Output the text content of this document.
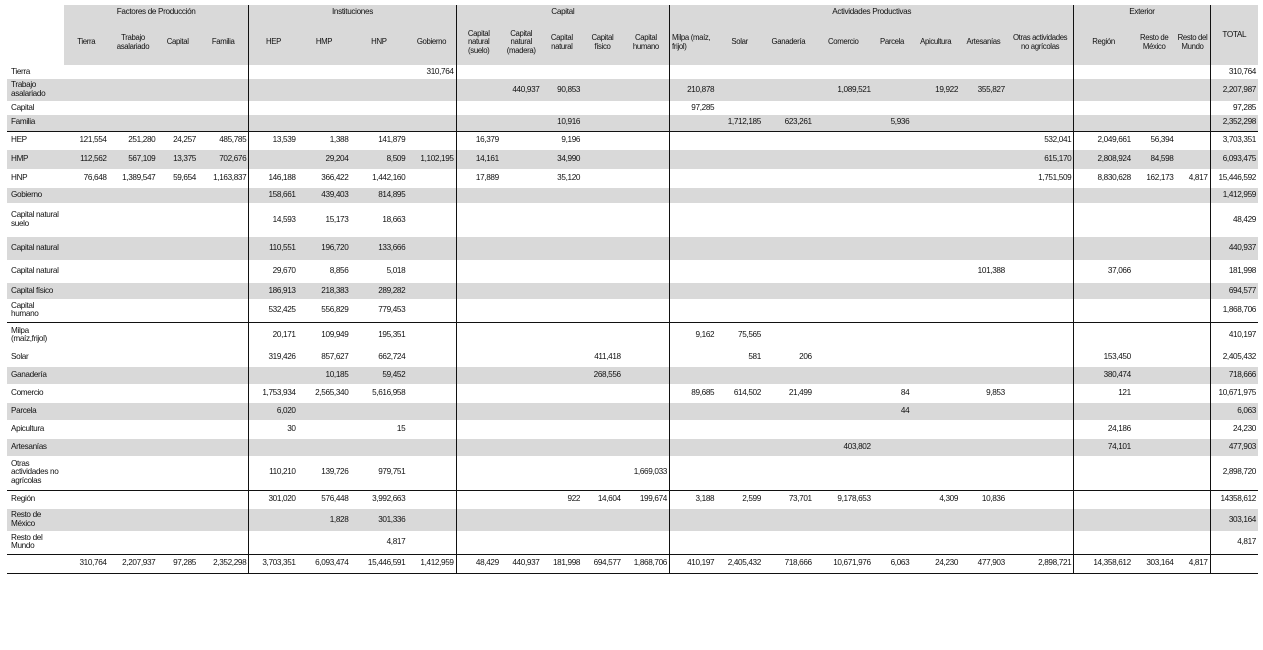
	Factores de Producción				Instituciones				Capital					Actividades Productivas								Exterior			TOTAL
	Tierra	Trabajo asalariado	Capital	Familia	HEP	HMP	HNP	Gobierno	Capital natural (suelo)	Capital natural (madera)	Capital natural	Capital físico	Capital humano	Milpa (maíz, frijol)	Solar	Ganadería	Comercio	Parcela	Apicultura	Artesanías	Otras actividades no agrícolas	Región	Resto de México	Resto del Mundo	
Tierra								310,764																	310,764
Trabajo asalariado										440,937	90,853			210,878			1,089,521		19,922	355,827					2,207,987
Capital														97,285											97,285
Familia											10,916				1,712,185	623,261		5,936							2,352,298
HEP	121,554	251,280	24,257	485,785	13,539	1,388	141,879		16,379		9,196										532,041	2,049,661	56,394		3,703,351
HMP	112,562	567,109	13,375	702,676		29,204	8,509	1,102,195	14,161		34,990										615,170	2,808,924	84,598		6,093,475
HNP	76,648	1,389,547	59,654	1,163,837	146,188	366,422	1,442,160		17,889		35,120										1,751,509	8,830,628	162,173	4,817	15,446,592
Gobierno					158,661	439,403	814,895																		1,412,959
Capital natural suelo					14,593	15,173	18,663																		48,429
Capital natural					110,551	196,720	133,666																		440,937
Capital natural					29,670	8,856	5,018													101,388		37,066			181,998
Capital físico					186,913	218,383	289,282																		694,577
Capital humano					532,425	556,829	779,453																		1,868,706
Milpa (maíz,frijol)					20,171	109,949	195,351							9,162	75,565										410,197
Solar					319,426	857,627	662,724					411,418			581	206						153,450			2,405,432
Ganadería						10,185	59,452					268,556										380,474			718,666
Comercio					1,753,934	2,565,340	5,616,958							89,685	614,502	21,499		84		9,853		121			10,671,975
Parcela					6,020													44							6,063
Apicultura					30		15															24,186			24,230
Artesanías																	403,802					74,101			477,903
Otras actividades no agrícolas					110,210	139,726	979,751						1,669,033												2,898,720
Región					301,020	576,448	3,992,663				922	14,604	199,674	3,188	2,599	73,701	9,178,653		4,309	10,836					14358,612
Resto de México						1,828	301,336																		303,164
Resto del Mundo							4,817																		4,817
	310,764	2,207,937	97,285	2,352,298	3,703,351	6,093,474	15,446,591	1,412,959	48,429	440,937	181,998	694,577	1,868,706	410,197	2,405,432	718,666	10,671,976	6,063	24,230	477,903	2,898,721	14,358,612	303,164	4,817	
